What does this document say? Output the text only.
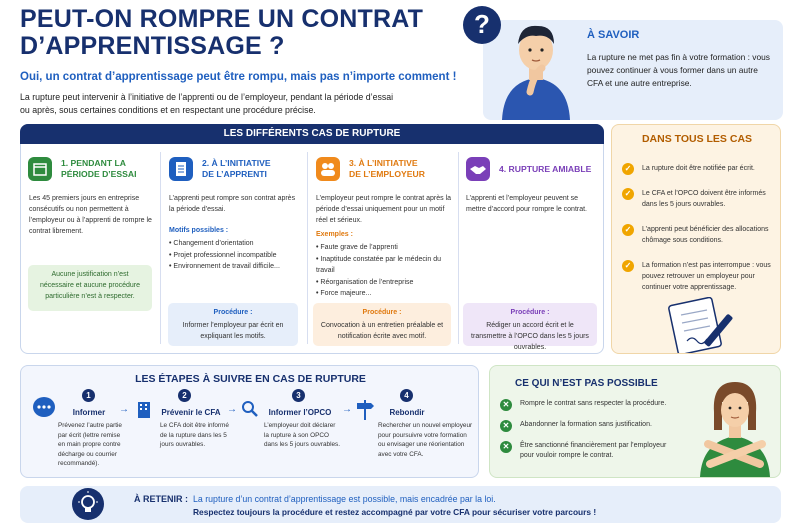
PEUT-ON ROMPRE UN CONTRAT
D’APPRENTISSAGE ?
Oui, un contrat d’apprentissage peut être rompu, mais pas n’importe comment !
La rupture peut intervenir à l’initiative de l’apprenti ou de l’employeur, pendant la période d’essai
ou après, sous certaines conditions et en respectant une procédure précise.
À SAVOIR

La rupture ne met pas fin à votre formation : vous pouvez continuer à vous former dans un autre CFA et une autre entreprise.

?
LES DIFFÉRENTS CAS DE RUPTURE
1. PENDANT LA
PÉRIODE D’ESSAI
Les 45 premiers jours en entreprise consécutifs ou non permettent à l’employeur ou à l’apprenti de rompre le contrat librement.
Aucune justification n’est nécessaire et aucune procédure particulière n’est à respecter.
2. À L’INITIATIVE
DE L’APPRENTI
L’apprenti peut rompre son contrat après la période d’essai.
Motifs possibles :
• Changement d’orientation
• Projet professionnel incompatible
• Environnement de travail difficile...
Procédure :
Informer l’employeur par écrit en expliquant les motifs.
3. À L’INITIATIVE
DE L’EMPLOYEUR
L’employeur peut rompre le contrat après la période d’essai uniquement pour un motif réel et sérieux.
Exemples :
• Faute grave de l’apprenti
• Inaptitude constatée par le médecin du travail
• Réorganisation de l’entreprise
• Force majeure...
Procédure :
Convocation à un entretien préalable et notification écrite avec motif.
4. RUPTURE AMIABLE
L’apprenti et l’employeur peuvent se mettre d’accord pour rompre le contrat.
Procédure :
Rédiger un accord écrit et le transmettre à l’OPCO dans les 5 jours ouvrables.
DANS TOUS LES CAS
✓	La rupture doit être notifiée par écrit.
✓	Le CFA et l’OPCO doivent être informés dans les 5 jours ouvrables.
✓	L’apprenti peut bénéficier des allocations chômage sous conditions.
✓	La formation n’est pas interrompue : vous pouvez retrouver un employeur pour continuer votre apprentissage.
LES ÉTAPES À SUIVRE EN CAS DE RUPTURE
1
Informer
Prévenez l’autre partie par écrit (lettre remise en main propre contre décharge ou courrier recommandé).
→
2
Prévenir le CFA
Le CFA doit être informé de la rupture dans les 5 jours ouvrables.
→
3
Informer l’OPCO
L’employeur doit déclarer la rupture à son OPCO dans les 5 jours ouvrables.
→
4
Rebondir
Rechercher un nouvel employeur pour poursuivre votre formation ou envisager une réorientation avec votre CFA.
CE QUI N’EST PAS POSSIBLE
✕	Rompre le contrat sans respecter la procédure.
✕	Abandonner la formation sans justification.
✕	Être sanctionné financièrement par l’employeur pour vouloir rompre le contrat.
À RETENIR : La rupture d’un contrat d’apprentissage est possible, mais encadrée par la loi.
Respectez toujours la procédure et restez accompagné par votre CFA pour sécuriser votre parcours !
